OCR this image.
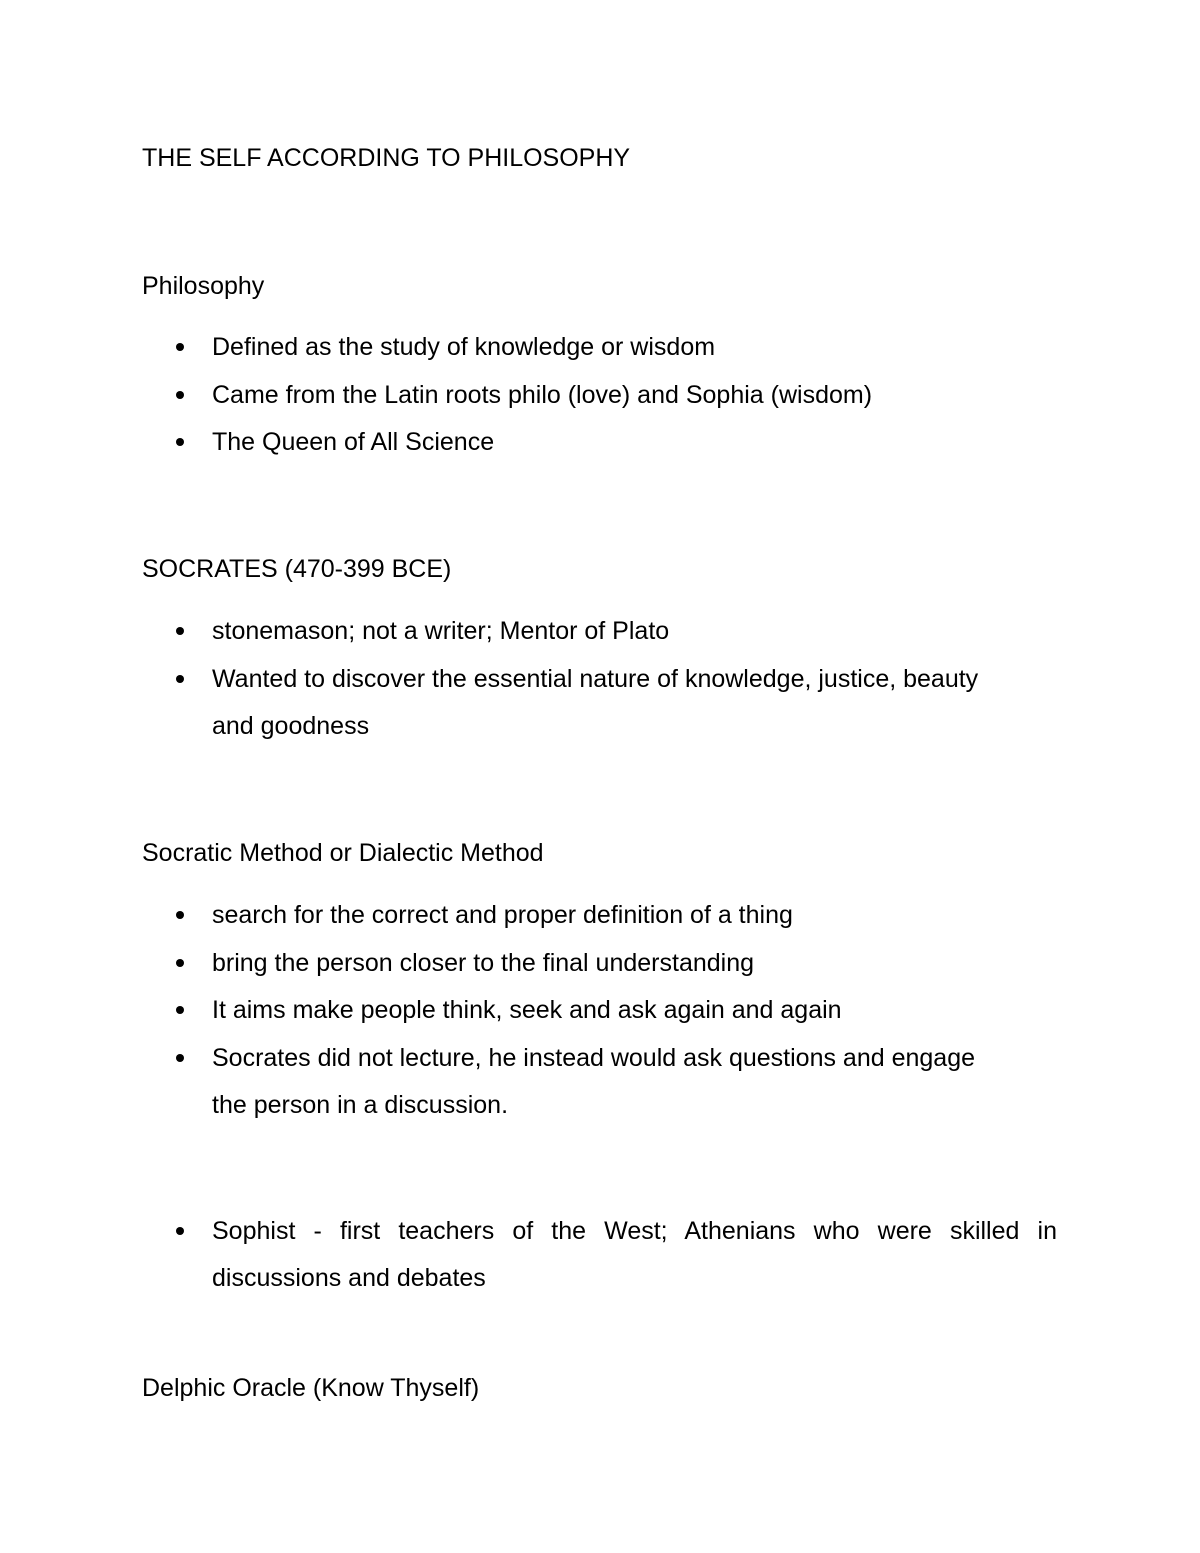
THE SELF ACCORDING TO PHILOSOPHY
Philosophy
Defined as the study of knowledge or wisdom
Came from the Latin roots philo (love) and Sophia (wisdom)
The Queen of All Science
SOCRATES (470-399 BCE)
stonemason; not a writer; Mentor of Plato
Wanted to discover the essential nature of knowledge, justice, beauty
and goodness
Socratic Method or Dialectic Method
search for the correct and proper definition of a thing
bring the person closer to the final understanding
It aims make people think, seek and ask again and again
Socrates did not lecture, he instead would ask questions and engage
the person in a discussion.
Sophist - first teachers of the West; Athenians who were skilled in
discussions and debates
Delphic Oracle (Know Thyself)
